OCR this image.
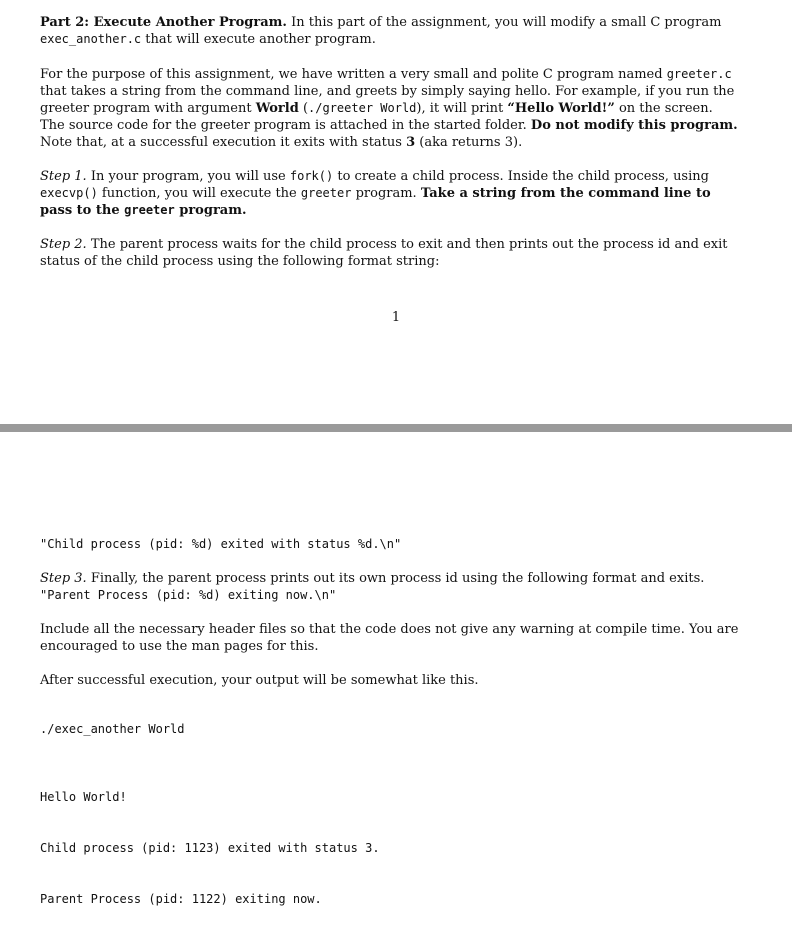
Part 2: Execute Another Program. In this part of the assignment, you will modify a small C program
exec_another.c that will execute another program.

For the purpose of this assignment, we have written a very small and polite C program named greeter.c
that takes a string from the command line, and greets by simply saying hello. For example, if you run the
greeter program with argument World (./greeter World), it will print “Hello World!” on the screen.
The source code for the greeter program is attached in the started folder. Do not modify this program.
Note that, at a successful execution it exits with status 3 (aka returns 3).

Step 1. In your program, you will use fork() to create a child process. Inside the child process, using
execvp() function, you will execute the greeter program. Take a string from the command line to
pass to the greeter program.

Step 2. The parent process waits for the child process to exit and then prints out the process id and exit
status of the child process using the following format string:

1
"Child process (pid: %d) exited with status %d.\n"

Step 3. Finally, the parent process prints out its own process id using the following format and exits.
"Parent Process (pid: %d) exiting now.\n"

Include all the necessary header files so that the code does not give any warning at compile time. You are
encouraged to use the man pages for this.

After successful execution, your output will be somewhat like this.

./exec_another World

Hello World!

Child process (pid: 1123) exited with status 3.

Parent Process (pid: 1122) exiting now.
